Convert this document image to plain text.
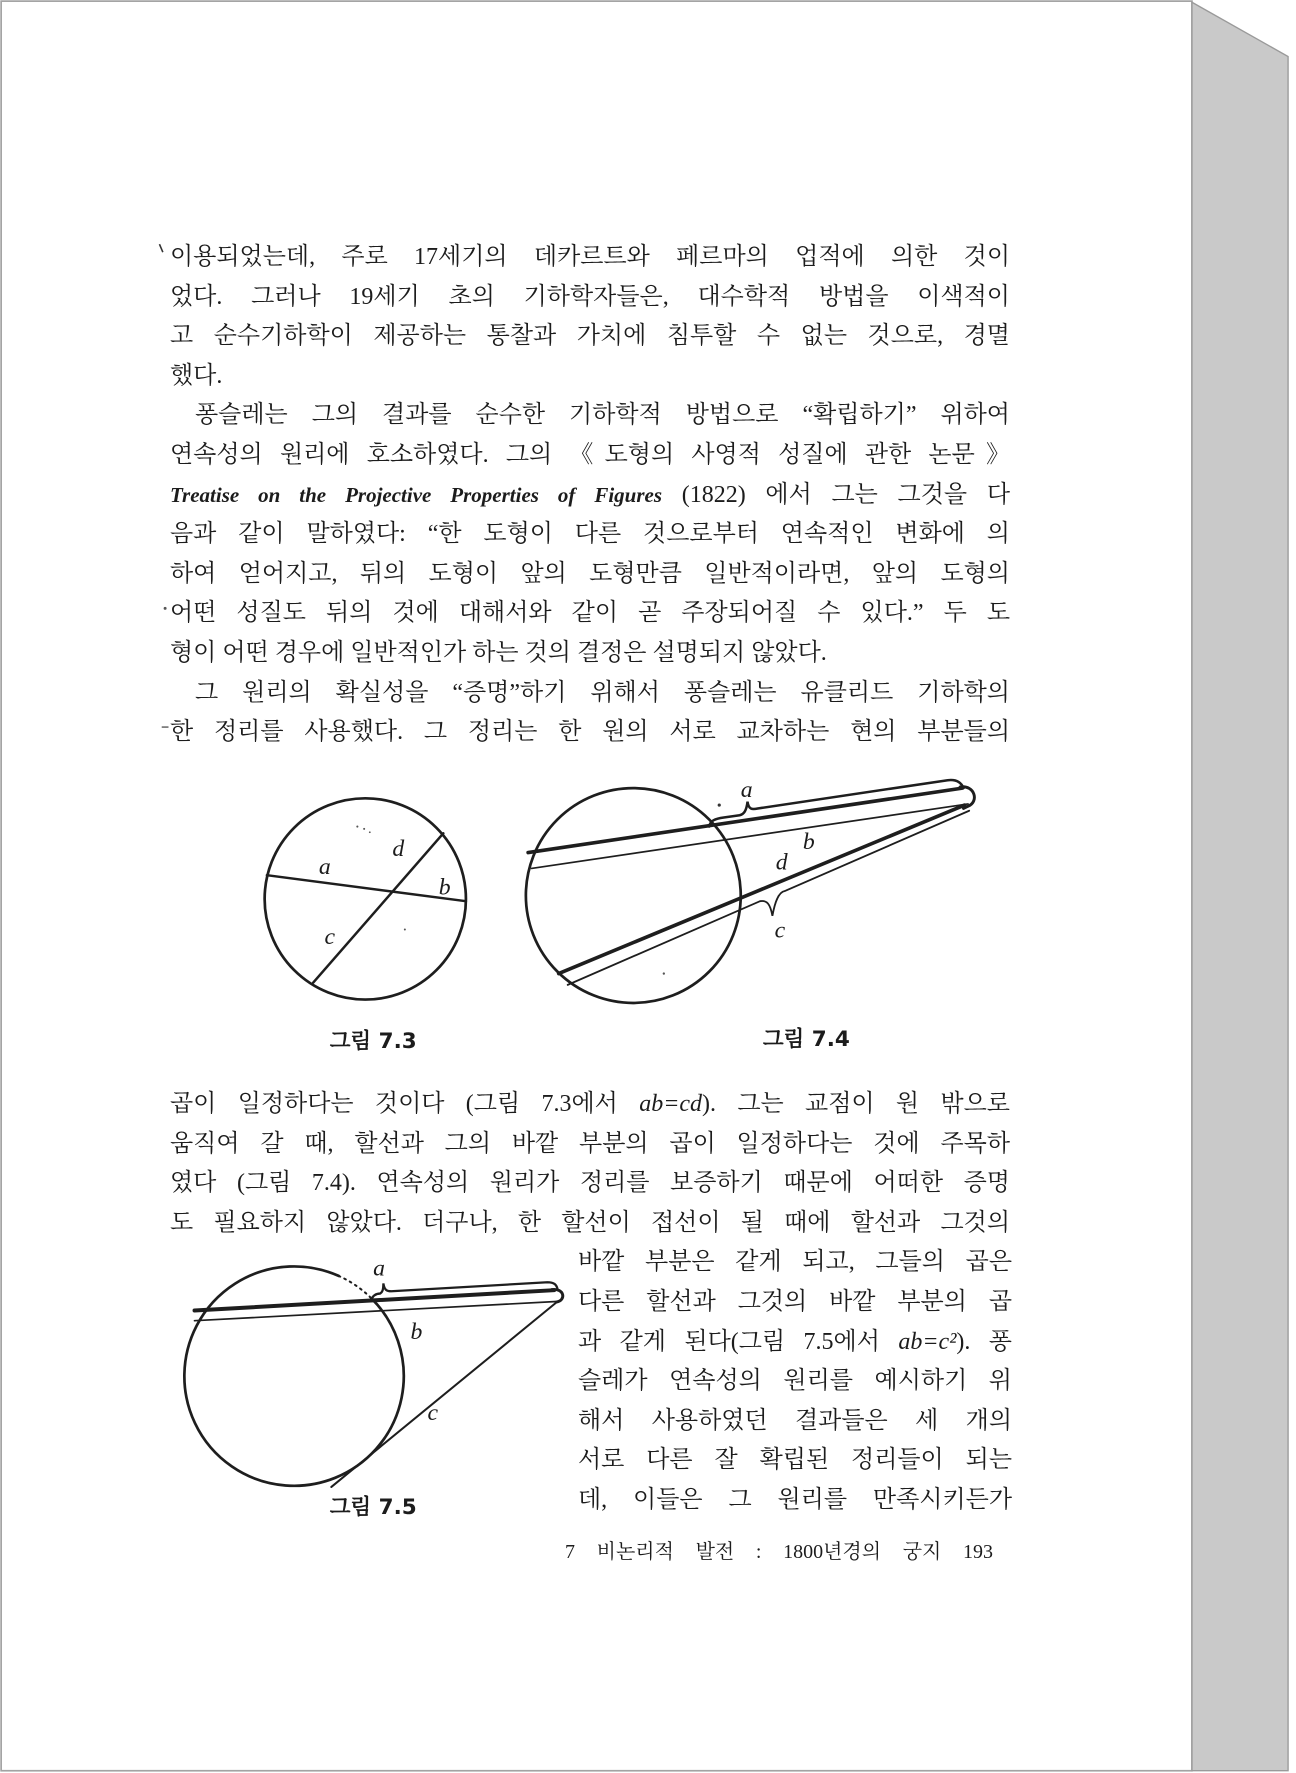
a
d
b
c
그림 7.3
a
b
d
c
그림 7.4
a
b
c
그림 7.5
이용되었는데, 주로 17세기의 데카르트와 페르마의 업적에 의한 것이
었다. 그러나 19세기 초의 기하학자들은, 대수학적 방법을 이색적이
고 순수기하학이 제공하는 통찰과 가치에 침투할 수 없는 것으로, 경멸
했다.
퐁슬레는 그의 결과를 순수한 기하학적 방법으로 “확립하기” 위하여
연속성의 원리에 호소하였다. 그의 《도형의 사영적 성질에 관한 논문》
Treatise on the Projective Properties of Figures (1822) 에서 그는 그것을 다
음과 같이 말하였다: “한 도형이 다른 것으로부터 연속적인 변화에 의
하여 얻어지고, 뒤의 도형이 앞의 도형만큼 일반적이라면, 앞의 도형의
어떤 성질도 뒤의 것에 대해서와 같이 곧 주장되어질 수 있다.” 두 도
형이 어떤 경우에 일반적인가 하는 것의 결정은 설명되지 않았다.
그 원리의 확실성을 “증명”하기 위해서 퐁슬레는 유클리드 기하학의
한 정리를 사용했다. 그 정리는 한 원의 서로 교차하는 현의 부분들의
곱이 일정하다는 것이다 (그림 7.3에서 ab=cd). 그는 교점이 원 밖으로
움직여 갈 때, 할선과 그의 바깥 부분의 곱이 일정하다는 것에 주목하
였다 (그림 7.4). 연속성의 원리가 정리를 보증하기 때문에 어떠한 증명
도 필요하지 않았다. 더구나, 한 할선이 접선이 될 때에 할선과 그것의
바깥 부분은 같게 되고, 그들의 곱은
다른 할선과 그것의 바깥 부분의 곱
과 같게 된다(그림 7.5에서 ab=c²). 퐁
슬레가 연속성의 원리를 예시하기 위
해서 사용하였던 결과들은 세 개의
서로 다른 잘 확립된 정리들이 되는
데, 이들은 그 원리를 만족시키든가
7 비논리적 발전 : 1800년경의 궁지 193
